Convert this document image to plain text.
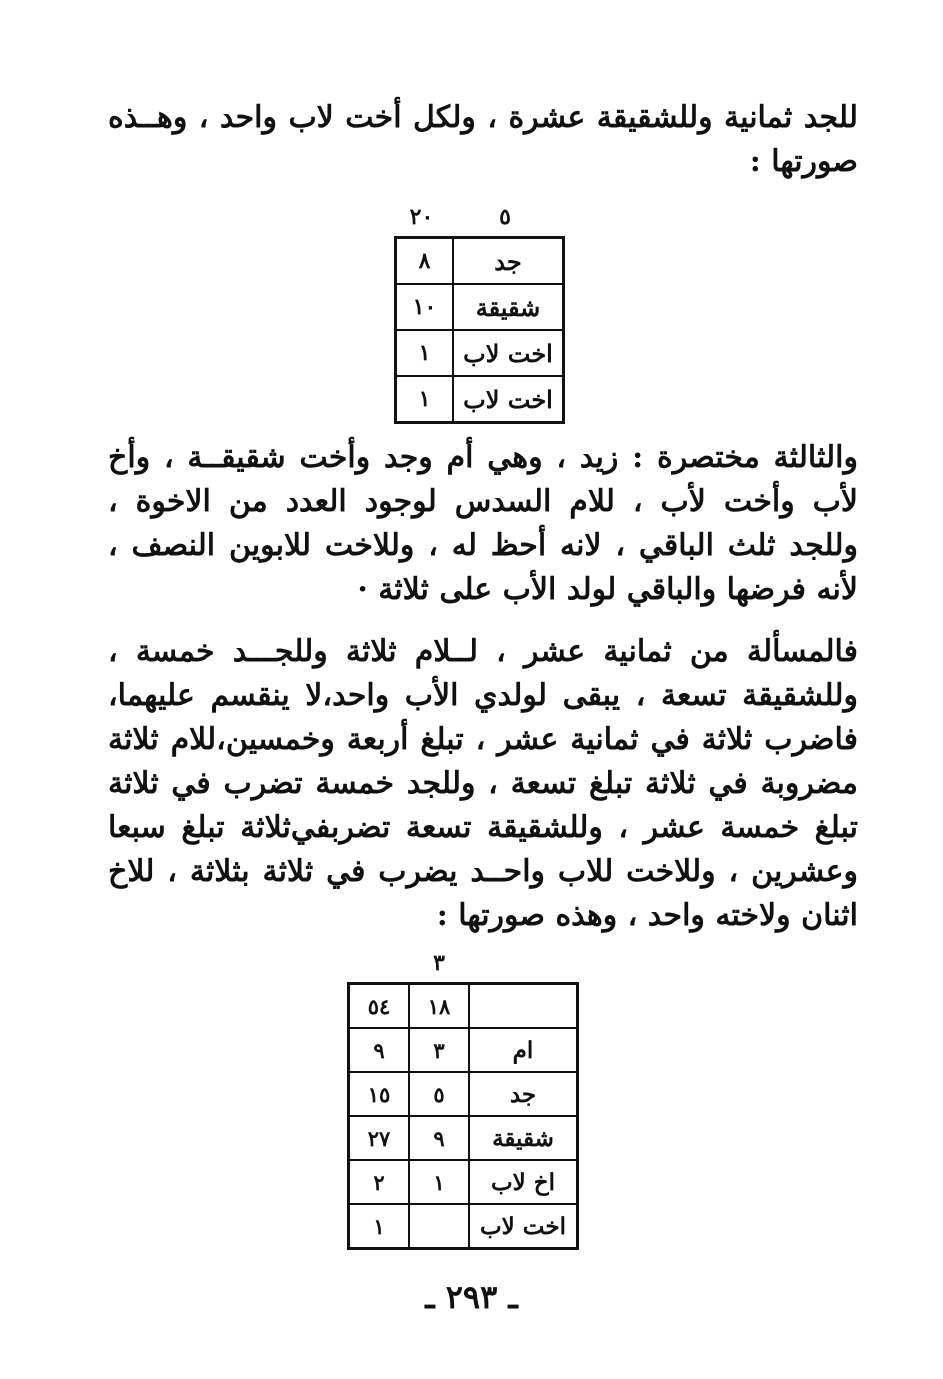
للجد ثمانية وللشقيقة عشرة ، ولكل أخت لاب واحد ، وهــذه صورتها :

٢٠	٥
٨	جد
١٠	شقيقة
١	اخت لاب
١	اخت لاب

والثالثة مختصرة : زيد ، وهي أم وجد وأخت شقيقــة ، وأخ لأب وأخت لأب ، للام السدس لوجود العدد من الاخوة ، وللجد ثلث الباقي ، لانه أحظ له ، وللاخت للابوين النصف ، لأنه فرضها والباقي لولد الأب على ثلاثة ·

فالمسألة من ثمانية عشر ، لــلام ثلاثة وللجـــد خمسة ، وللشقيقة تسعة ، يبقى لولدي الأب واحد،لا ينقسم عليهما، فاضرب ثلاثة في ثمانية عشر ، تبلغ أربعة وخمسين،للام ثلاثة مضروبة في ثلاثة تبلغ تسعة ، وللجد خمسة تضرب في ثلاثة تبلغ خمسة عشر ، وللشقيقة تسعة تضربفي‌ثلاثة تبلغ سبعا وعشرين ، وللاخت للاب واحــد يضرب في ثلاثة بثلاثة ، للاخ اثنان ولاخته واحد ، وهذه صورتها :

٣
٥٤	١٨	
٩	٣	ام
١٥	٥	جد
٢٧	٩	شقيقة
٢	١	اخ لاب
١		اخت لاب
ـ ٢٩٣ ـ
